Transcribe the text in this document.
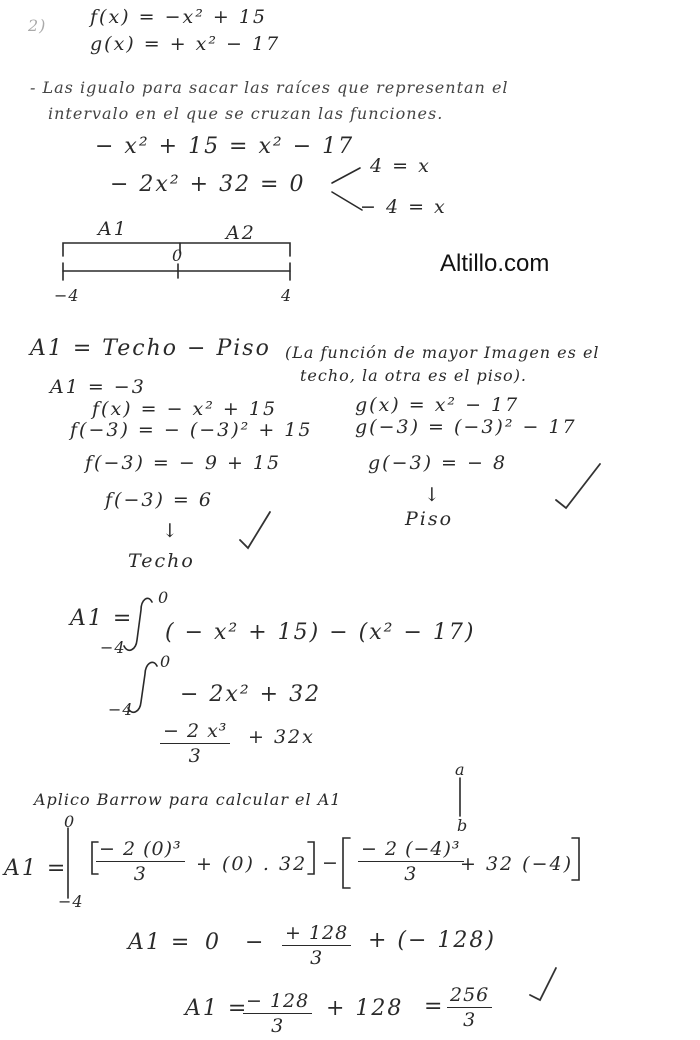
Altillo.com
2) f(x) = −x² + 15
g(x) = + x² − 17
- Las igualo para sacar las raíces que representan el
intervalo en el que se cruzan las funciones.
− x² + 15 = x² − 17
− 2x² + 32 = 0
4 = x
− 4 = x
A1	A2
0
−4	4
A1 = Techo − Piso (La función de mayor Imagen es el
techo, la otra es el piso).
A1 = −3
f(x) = − x² + 15
f(−3) = − (−3)² + 15
f(−3) = − 9 + 15
f(−3) = 6
↓
Techo
g(x) = x² − 17
g(−3) = (−3)² − 17
g(−3) = − 8
↓
Piso
A1 =
0
−4
( − x² + 15) − (x² − 17)
0
−4
− 2x² + 32
$\frac{\text{− 2 x³}}{3} + 32x$
Aplico Barrow para calcular el A1
a
b
A1 =
0
−4
$\frac{\text{− 2 (0)³}}{3} + (0)$ . $32 - \frac{\text{− 2 (−4)³}}{3}$
+ 32 (−4)
$A1 = 0 - \frac{+ 128}{3}$ + (− 128)
A1 =
$\frac{- 128}{3} + 128 = \frac{256}{3}$
